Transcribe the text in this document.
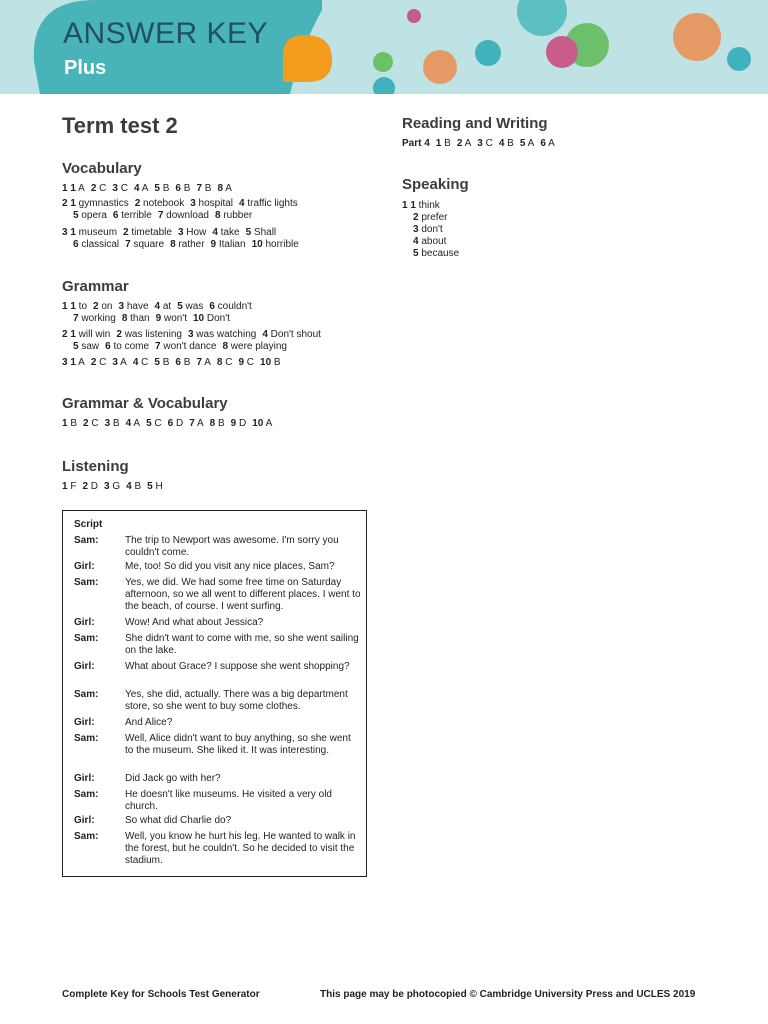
ANSWER KEY
Plus
Term test 2
Vocabulary
1 1 A 2 C 3 C 4 A 5 B 6 B 7 B 8 A
2 1 gymnastics 2 notebook 3 hospital 4 traffic lights
5 opera 6 terrible 7 download 8 rubber
3 1 museum 2 timetable 3 How 4 take 5 Shall
6 classical 7 square 8 rather 9 Italian 10 horrible
Grammar
1 1 to 2 on 3 have 4 at 5 was 6 couldn't
7 working 8 than 9 won't 10 Don't
2 1 will win 2 was listening 3 was watching 4 Don't shout
5 saw 6 to come 7 won't dance 8 were playing
3 1 A 2 C 3 A 4 C 5 B 6 B 7 A 8 C 9 C 10 B
Grammar & Vocabulary
1 B 2 C 3 B 4 A 5 C 6 D 7 A 8 B 9 D 10 A
Listening
1 F 2 D 3 G 4 B 5 H
Script
Sam:	The trip to Newport was awesome. I'm sorry you couldn't come.
Girl:	Me, too! So did you visit any nice places, Sam?
Sam:	Yes, we did. We had some free time on Saturday afternoon, so we all went to different places. I went to the beach, of course. I went surfing.
Girl:	Wow! And what about Jessica?
Sam:	She didn't want to come with me, so she went sailing on the lake.
Girl:	What about Grace? I suppose she went shopping?
Sam:	Yes, she did, actually. There was a big department store, so she went to buy some clothes.
Girl:	And Alice?
Sam:	Well, Alice didn't want to buy anything, so she went to the museum. She liked it. It was interesting.
Girl:	Did Jack go with her?
Sam:	He doesn't like museums. He visited a very old church.
Girl:	So what did Charlie do?
Sam:	Well, you know he hurt his leg. He wanted to walk in the forest, but he couldn't. So he decided to visit the stadium.
Reading and Writing
Part 4 1 B 2 A 3 C 4 B 5 A 6 A
Speaking
1 1 think
2 prefer
3 don't
4 about
5 because
Complete Key for Schools Test Generator	This page may be photocopied © Cambridge University Press and UCLES 2019
